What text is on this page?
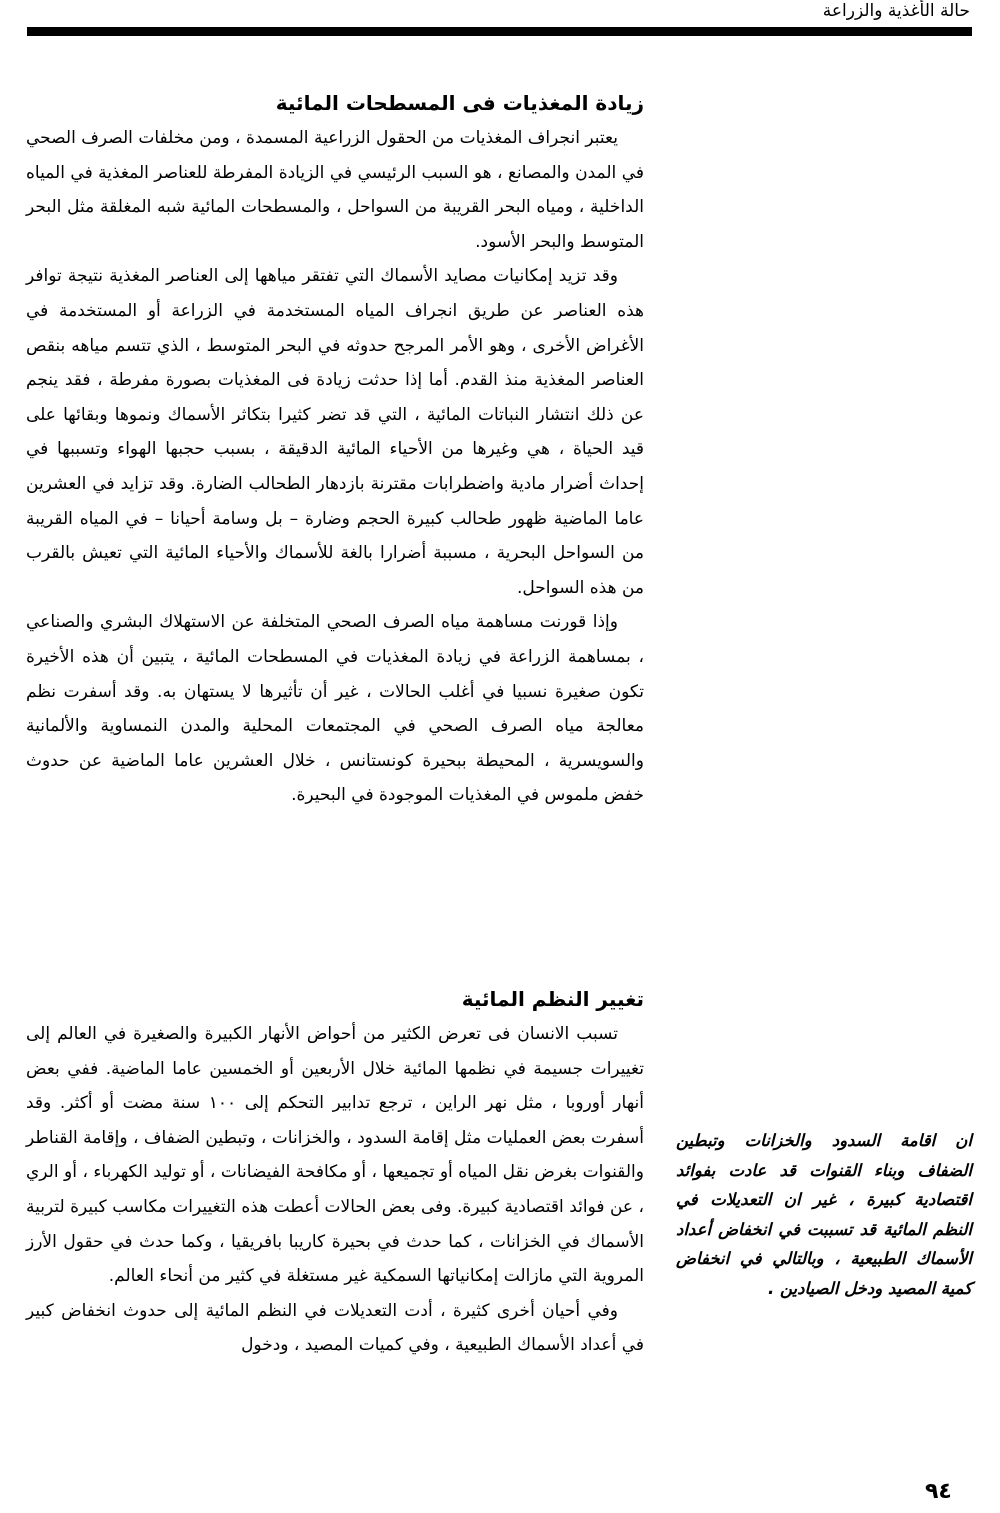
حالة الأغذية والزراعة
زيادة المغذيات فى المسطحات المائية

يعتبر انجراف المغذيات من الحقول الزراعية المسمدة ، ومن مخلفات الصرف الصحي في المدن والمصانع ، هو السبب الرئيسي في الزيادة المفرطة للعناصر المغذية في المياه الداخلية ، ومياه البحر القريبة من السواحل ، والمسطحات المائية شبه المغلقة مثل البحر المتوسط والبحر الأسود.

وقد تزيد إمكانيات مصايد الأسماك التي تفتقر مياهها إلى العناصر المغذية نتيجة توافر هذه العناصر عن طريق انجراف المياه المستخدمة في الزراعة أو المستخدمة في الأغراض الأخرى ، وهو الأمر المرجح حدوثه في البحر المتوسط ، الذي تتسم مياهه بنقص العناصر المغذية منذ القدم. أما إذا حدثت زيادة فى المغذيات بصورة مفرطة ، فقد ينجم عن ذلك انتشار النباتات المائية ، التي قد تضر كثيرا بتكاثر الأسماك ونموها وبقائها على قيد الحياة ، هي وغيرها من الأحياء المائية الدقيقة ، بسبب حجبها الهواء وتسببها في إحداث أضرار مادية واضطرابات مقترنة بازدهار الطحالب الضارة. وقد تزايد في العشرين عاما الماضية ظهور طحالب كبيرة الحجم وضارة – بل وسامة أحيانا – في المياه القريبة من السواحل البحرية ، مسببة أضرارا بالغة للأسماك والأحياء المائية التي تعيش بالقرب من هذه السواحل.

وإذا قورنت مساهمة مياه الصرف الصحي المتخلفة عن الاستهلاك البشري والصناعي ، بمساهمة الزراعة في زيادة المغذيات في المسطحات المائية ، يتبين أن هذه الأخيرة تكون صغيرة نسبيا في أغلب الحالات ، غير أن تأثيرها لا يستهان به. وقد أسفرت نظم معالجة مياه الصرف الصحي في المجتمعات المحلية والمدن النمساوية والألمانية والسويسرية ، المحيطة ببحيرة كونستانس ، خلال العشرين عاما الماضية عن حدوث خفض ملموس في المغذيات الموجودة في البحيرة.

تغيير النظم المائية

تسبب الانسان فى تعرض الكثير من أحواض الأنهار الكبيرة والصغيرة في العالم إلى تغييرات جسيمة في نظمها المائية خلال الأربعين أو الخمسين عاما الماضية. ففي بعض أنهار أوروبا ، مثل نهر الراين ، ترجع تدابير التحكم إلى ١٠٠ سنة مضت أو أكثر. وقد أسفرت بعض العمليات مثل إقامة السدود ، والخزانات ، وتبطين الضفاف ، وإقامة القناطر والقنوات بغرض نقل المياه أو تجميعها ، أو مكافحة الفيضانات ، أو توليد الكهرباء ، أو الري ، عن فوائد اقتصادية كبيرة. وفى بعض الحالات أعطت هذه التغييرات مكاسب كبيرة لتربية الأسماك في الخزانات ، كما حدث في بحيرة كاريبا بافريقيا ، وكما حدث في حقول الأرز المروية التي مازالت إمكانياتها السمكية غير مستغلة في كثير من أنحاء العالم.

وفي أحيان أخرى كثيرة ، أدت التعديلات في النظم المائية إلى حدوث انخفاض كبير في أعداد الأسماك الطبيعية ، وفي كميات المصيد ، ودخول

ان اقامة السدود والخزانات وتبطين الضفاف وبناء القنوات قد عادت بفوائد اقتصادية كبيرة ، غير ان التعديلات في النظم المائية قد تسببت في انخفاض أعداد الأسماك الطبيعية ، وبالتالي في انخفاض كمية المصيد ودخل الصيادين .
٩٤
